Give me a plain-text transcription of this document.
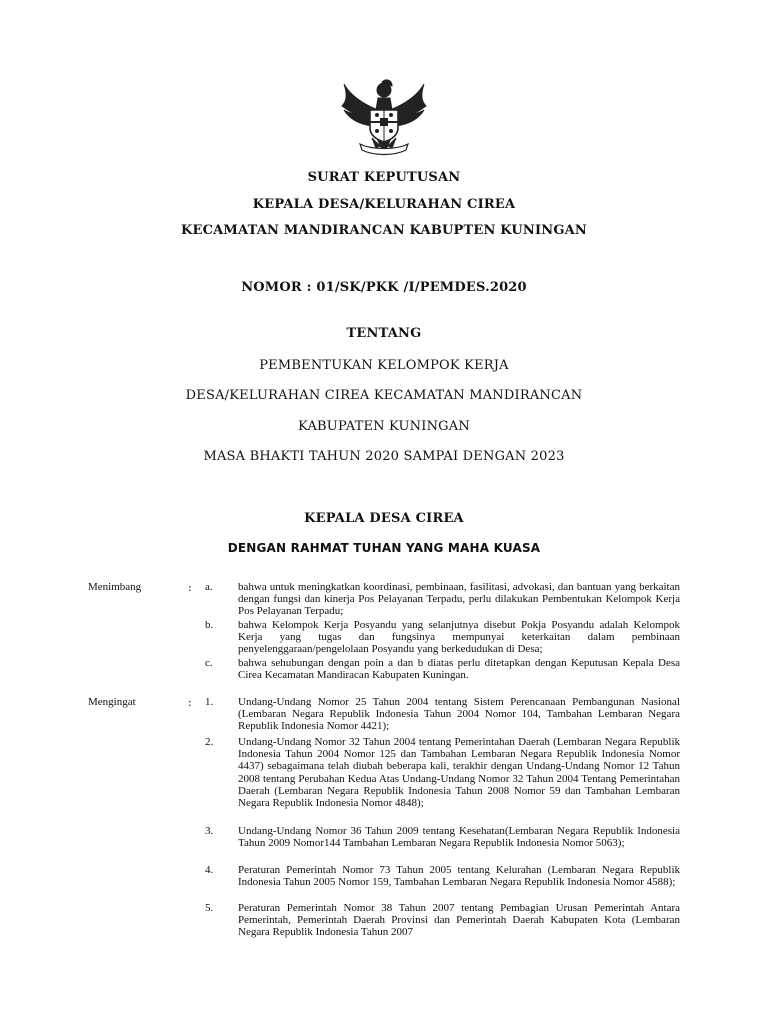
SURAT KEPUTUSAN
KEPALA DESA/KELURAHAN CIREA
KECAMATAN MANDIRANCAN KABUPTEN KUNINGAN
NOMOR : 01/SK/PKK /I/PEMDES.2020
TENTANG
PEMBENTUKAN KELOMPOK KERJA
DESA/KELURAHAN CIREA KECAMATAN MANDIRANCAN
KABUPATEN KUNINGAN
MASA BHAKTI TAHUN 2020 SAMPAI DENGAN 2023
KEPALA DESA CIREA
DENGAN RAHMAT TUHAN YANG MAHA KUASA
Menimbang	: a.	bahwa untuk meningkatkan koordinasi, pembinaan, fasilitasi, advokasi, dan bantuan yang berkaitan dengan fungsi dan kinerja Pos Pelayanan Terpadu, perlu dilakukan Pembentukan Kelompok Kerja Pos Pelayanan Terpadu;
b.	bahwa Kelompok Kerja Posyandu yang selanjutnya disebut Pokja Posyandu adalah Kelompok Kerja yang tugas dan fungsinya mempunyai keterkaitan dalam pembinaan penyelenggaraan/pengelolaan Posyandu yang berkedudukan di Desa;
c.	bahwa sehubungan dengan poin a dan b diatas perlu ditetapkan dengan Keputusan Kepala Desa Cirea Kecamatan Mandiracan Kabupaten Kuningan.
Mengingat	: 1.	Undang-Undang Nomor 25 Tahun 2004 tentang Sistem Perencanaan Pembangunan Nasional (Lembaran Negara Republik Indonesia Tahun 2004 Nomor 104, Tambahan Lembaran Negara Republik Indonesia Nomor 4421);
2.	Undang-Undang Nomor 32 Tahun 2004 tentang Pemerintahan Daerah (Lembaran Negara Republik Indonesia Tahun 2004 Nomor 125 dan Tambahan Lembaran Negara Republik Indonesia Nomor 4437) sebagaimana telah diubah beberapa kali, terakhir dengan Undang-Undang Nomor 12 Tahun 2008 tentang Perubahan Kedua Atas Undang-Undang Nomor 32 Tahun 2004 Tentang Pemerintahan Daerah (Lembaran Negara Republik Indonesia Tahun 2008 Nomor 59 dan Tambahan Lembaran Negara Republik Indonesia Nomor 4848);
3.	Undang-Undang Nomor 36 Tahun 2009 tentang Kesehatan(Lembaran Negara Republik Indonesia Tahun 2009 Nomor144 Tambahan Lembaran Negara Republik Indonesia Nomor 5063);
4.	Peraturan Pemerintah Nomor 73 Tahun 2005 tentang Kelurahan (Lembaran Negara Republik Indonesia Tahun 2005 Nomor 159, Tambahan Lembaran Negara Republik Indonesia Nomor 4588);
5.	Peraturan Pemerintah Nomor 38 Tahun 2007 tentang Pembagian Urusan Pemerintah Antara Pemerintah, Pemerintah Daerah Provinsi dan Pemerintah Daerah Kabupaten Kota (Lembaran Negara Republik Indonesia Tahun 2007
